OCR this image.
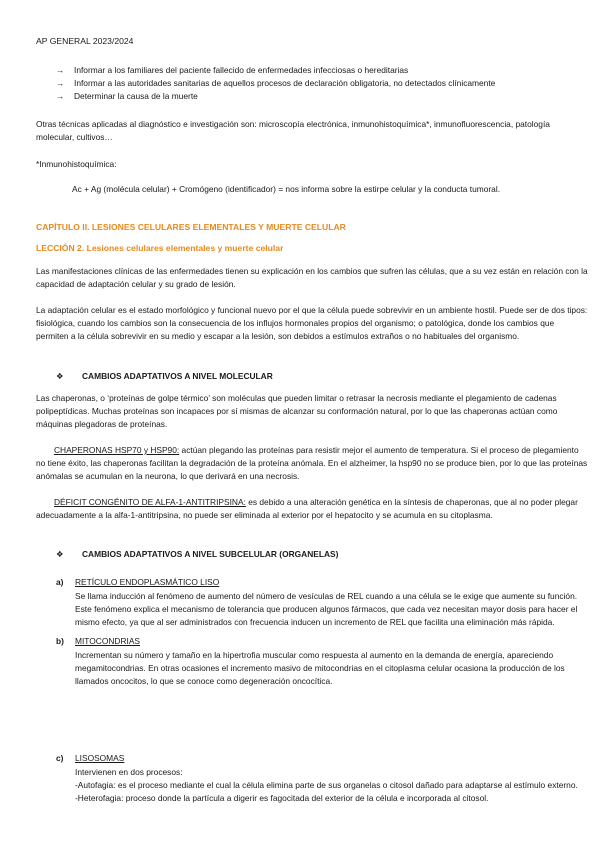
AP GENERAL 2023/2024
→	Informar a los familiares del paciente fallecido de enfermedades infecciosas o hereditarias
→	Informar a las autoridades sanitarias de aquellos procesos de declaración obligatoria, no detectados clínicamente
→	Determinar la causa de la muerte

Otras técnicas aplicadas al diagnóstico e investigación son: microscopía electrónica, inmunohistoquímica*, inmunofluorescencia, patología molecular, cultivos…

*Inmunohistoquímica:

Ac + Ag (molécula celular) + Cromógeno (identificador) = nos informa sobre la estirpe celular y la conducta tumoral.

CAPÍTULO II. LESIONES CELULARES ELEMENTALES Y MUERTE CELULAR
LECCIÓN 2. Lesiones celulares elementales y muerte celular

Las manifestaciones clínicas de las enfermedades tienen su explicación en los cambios que sufren las células, que a su vez están en relación con la capacidad de adaptación celular y su grado de lesión.

La adaptación celular es el estado morfológico y funcional nuevo por el que la célula puede sobrevivir en un ambiente hostil. Puede ser de dos tipos: fisiológica, cuando los cambios son la consecuencia de los influjos hormonales propios del organismo; o patológica, donde los cambios que permiten a la célula sobrevivir en su medio y escapar a la lesión, son debidos a estímulos extraños o no habituales del organismo.

❖	CAMBIOS ADAPTATIVOS A NIVEL MOLECULAR

Las chaperonas, o ‘proteínas de golpe térmico’ son moléculas que pueden limitar o retrasar la necrosis mediante el plegamiento de cadenas polipeptídicas. Muchas proteínas son incapaces por sí mismas de alcanzar su conformación natural, por lo que las chaperonas actúan como máquinas plegadoras de proteínas.

CHAPERONAS HSP70 y HSP90: actúan plegando las proteínas para resistir mejor el aumento de temperatura. Si el proceso de plegamiento no tiene éxito, las chaperonas facilitan la degradación de la proteína anómala. En el alzheimer, la hsp90 no se produce bien, por lo que las proteínas anómalas se acumulan en la neurona, lo que derivará en una necrosis.

DÉFICIT CONGÉNITO DE ALFA-1-ANTITRIPSINA: es debido a una alteración genética en la síntesis de chaperonas, que al no poder plegar adecuadamente a la alfa-1-antitripsina, no puede ser eliminada al exterior por el hepatocito y se acumula en su citoplasma.

❖	CAMBIOS ADAPTATIVOS A NIVEL SUBCELULAR (ORGANELAS)
a) RETÍCULO ENDOPLASMÁTICO LISO

Se llama inducción al fenómeno de aumento del número de vesículas de REL cuando a una célula se le exige que aumente su función. Este fenómeno explica el mecanismo de tolerancia que producen algunos fármacos, que cada vez necesitan mayor dosis para hacer el mismo efecto, ya que al ser administrados con frecuencia inducen un incremento de REL que facilita una eliminación más rápida.

b) MITOCONDRIAS

Incrementan su número y tamaño en la hipertrofia muscular como respuesta al aumento en la demanda de energía, apareciendo megamitocondrias. En otras ocasiones el incremento masivo de mitocondrias en el citoplasma celular ocasiona la producción de los llamados oncocitos, lo que se conoce como degeneración oncocítica.

c) LISOSOMAS

Intervienen en dos procesos:

-Autofagia: es el proceso mediante el cual la célula elimina parte de sus organelas o citosol dañado para adaptarse al estímulo externo.

-Heterofagia: proceso donde la partícula a digerir es fagocitada del exterior de la célula e incorporada al citosol.
